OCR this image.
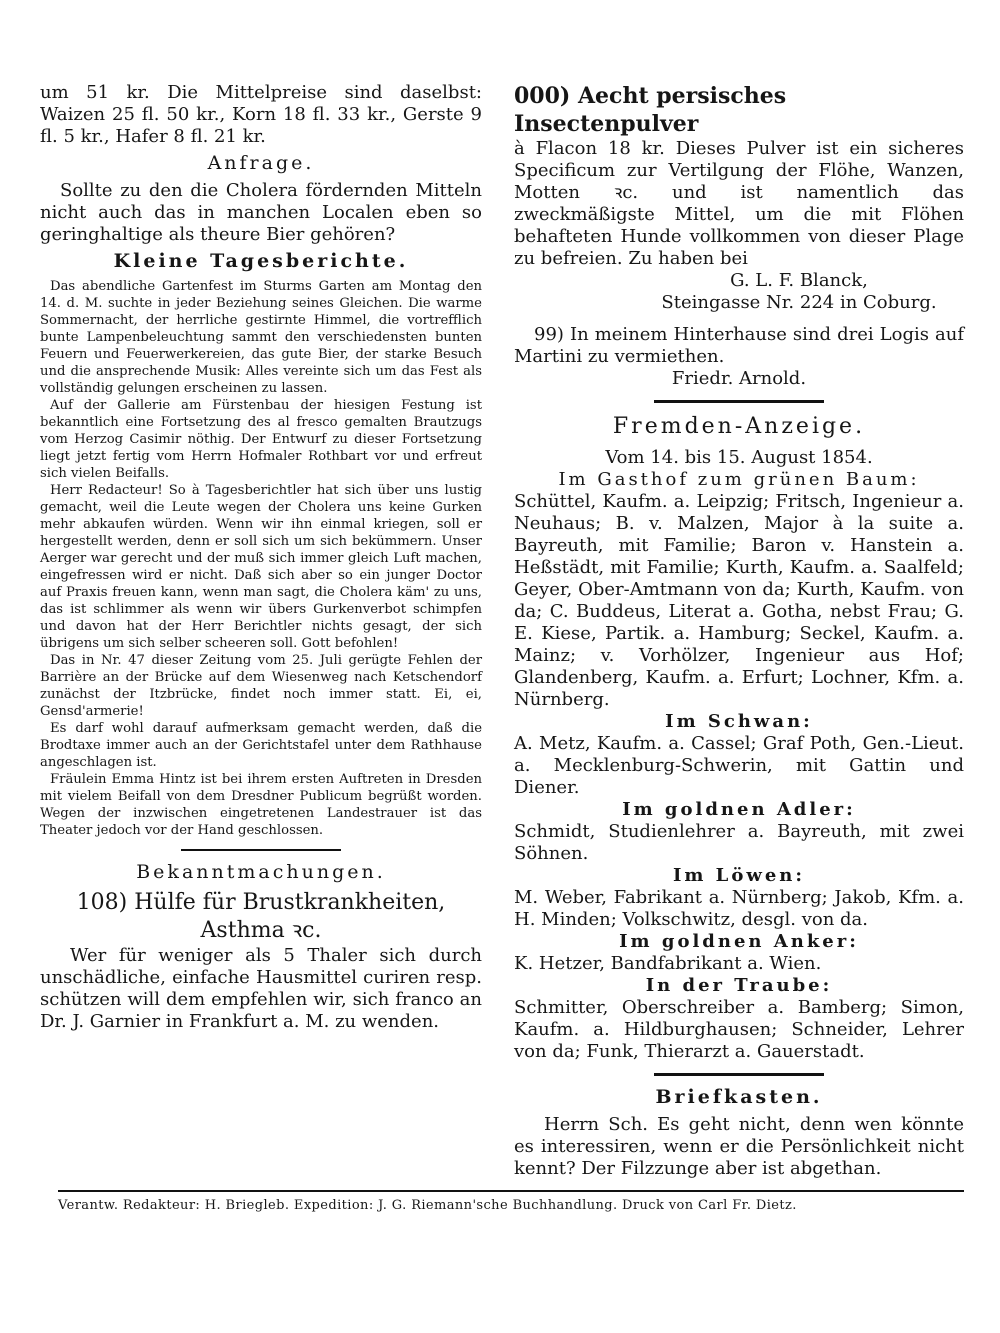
um 51 kr. Die Mittelpreise sind daselbst: Waizen 25 fl. 50 kr., Korn 18 fl. 33 kr., Gerste 9 fl. 5 kr., Hafer 8 fl. 21 kr.

Anfrage.

Sollte zu den die Cholera fördernden Mitteln nicht auch das in manchen Localen eben so geringhaltige als theure Bier gehören?

Kleine Tagesberichte.

Das abendliche Gartenfest im Sturms Garten am Montag den 14. d. M. suchte in jeder Beziehung seines Gleichen. Die warme Sommernacht, der herrliche gestirnte Himmel, die vortrefflich bunte Lampenbeleuchtung sammt den verschiedensten bunten Feuern und Feuerwerkereien, das gute Bier, der starke Besuch und die ansprechende Musik: Alles vereinte sich um das Fest als vollständig gelungen erscheinen zu lassen.

Auf der Gallerie am Fürstenbau der hiesigen Festung ist bekanntlich eine Fortsetzung des al fresco gemalten Brautzugs vom Herzog Casimir nöthig. Der Entwurf zu dieser Fortsetzung liegt jetzt fertig vom Herrn Hofmaler Rothbart vor und erfreut sich vielen Beifalls.

Herr Redacteur! So à Tagesberichtler hat sich über uns lustig gemacht, weil die Leute wegen der Cholera uns keine Gurken mehr abkaufen würden. Wenn wir ihn einmal kriegen, soll er hergestellt werden, denn er soll sich um sich bekümmern. Unser Aerger war gerecht und der muß sich immer gleich Luft machen, eingefressen wird er nicht. Daß sich aber so ein junger Doctor auf Praxis freuen kann, wenn man sagt, die Cholera käm' zu uns, das ist schlimmer als wenn wir übers Gurkenverbot schimpfen und davon hat der Herr Berichtler nichts gesagt, der sich übrigens um sich selber scheeren soll. Gott befohlen!

Das in Nr. 47 dieser Zeitung vom 25. Juli gerügte Fehlen der Barrière an der Brücke auf dem Wiesenweg nach Ketschendorf zunächst der Itzbrücke, findet noch immer statt. Ei, ei, Gensd'armerie!

Es darf wohl darauf aufmerksam gemacht werden, daß die Brodtaxe immer auch an der Gerichtstafel unter dem Rathhause angeschlagen ist.

Fräulein Emma Hintz ist bei ihrem ersten Auftreten in Dresden mit vielem Beifall von dem Dresdner Publicum begrüßt worden. Wegen der inzwischen eingetretenen Landestrauer ist das Theater jedoch vor der Hand geschlossen.

Bekanntmachungen.

108) Hülfe für Brustkrankheiten,

Asthma ꝛc.

Wer für weniger als 5 Thaler sich durch unschädliche, einfache Hausmittel curiren resp. schützen will dem empfehlen wir, sich franco an Dr. J. Garnier in Frankfurt a. M. zu wenden.

000) Aecht persisches Insectenpulver

à Flacon 18 kr. Dieses Pulver ist ein sicheres Specificum zur Vertilgung der Flöhe, Wanzen, Motten ꝛc. und ist namentlich das zweckmäßigste Mittel, um die mit Flöhen behafteten Hunde vollkommen von dieser Plage zu befreien. Zu haben bei

G. L. F. Blanck,

Steingasse Nr. 224 in Coburg.

99) In meinem Hinterhause sind drei Logis auf Martini zu vermiethen.

Friedr. Arnold.

Fremden-Anzeige.

Vom 14. bis 15. August 1854.

Im Gasthof zum grünen Baum:

Schüttel, Kaufm. a. Leipzig; Fritsch, Ingenieur a. Neuhaus; B. v. Malzen, Major à la suite a. Bayreuth, mit Familie; Baron v. Hanstein a. Heßstädt, mit Familie; Kurth, Kaufm. a. Saalfeld; Geyer, Ober-Amtmann von da; Kurth, Kaufm. von da; C. Buddeus, Literat a. Gotha, nebst Frau; G. E. Kiese, Partik. a. Hamburg; Seckel, Kaufm. a. Mainz; v. Vorhölzer, Ingenieur aus Hof; Glandenberg, Kaufm. a. Erfurt; Lochner, Kfm. a. Nürnberg.

Im Schwan:

A. Metz, Kaufm. a. Cassel; Graf Poth, Gen.-Lieut. a. Mecklenburg-Schwerin, mit Gattin und Diener.

Im goldnen Adler:

Schmidt, Studienlehrer a. Bayreuth, mit zwei Söhnen.

Im Löwen:

M. Weber, Fabrikant a. Nürnberg; Jakob, Kfm. a. H. Minden; Volkschwitz, desgl. von da.

Im goldnen Anker:

K. Hetzer, Bandfabrikant a. Wien.

In der Traube:

Schmitter, Oberschreiber a. Bamberg; Simon, Kaufm. a. Hildburghausen; Schneider, Lehrer von da; Funk, Thierarzt a. Gauerstadt.

Briefkasten.

Herrn Sch. Es geht nicht, denn wen könnte es interessiren, wenn er die Persönlichkeit nicht kennt? Der Filzzunge aber ist abgethan.

Verantw. Redakteur: H. Briegleb. Expedition: J. G. Riemann'sche Buchhandlung. Druck von Carl Fr. Dietz.
